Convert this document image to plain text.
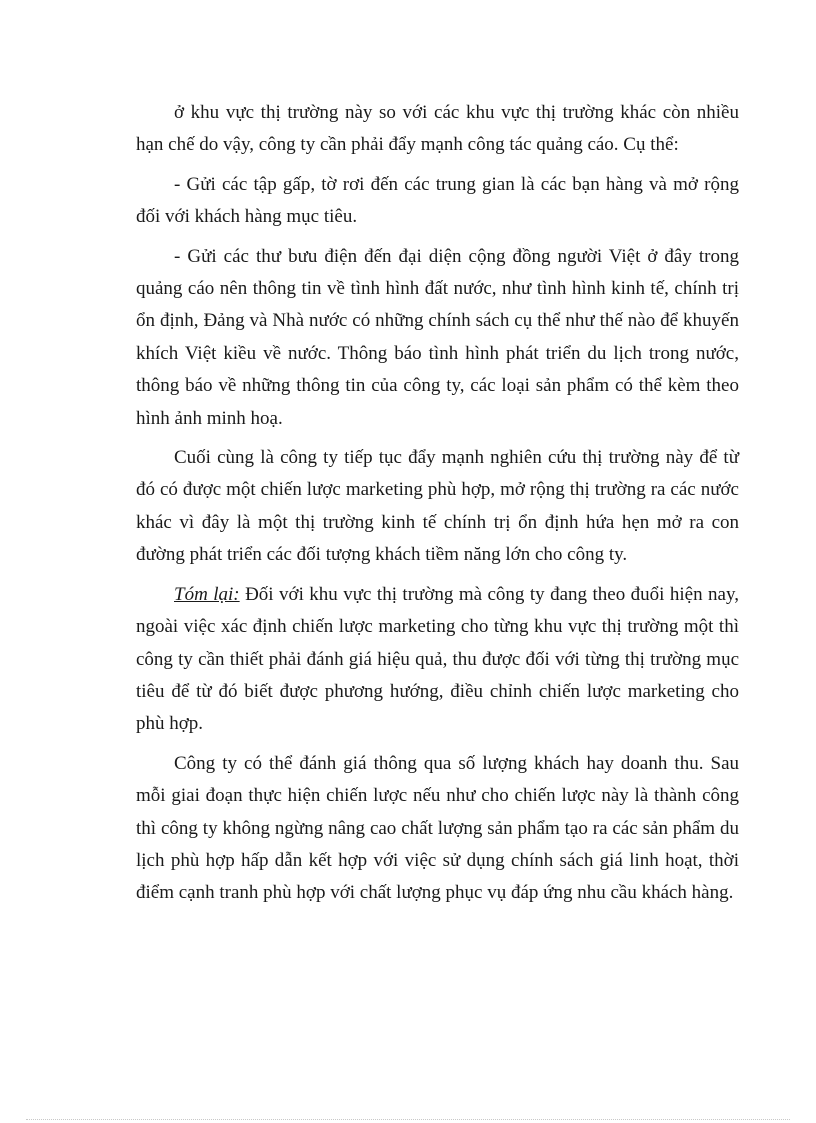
ở khu vực thị trường này so với các khu vực thị trường khác còn nhiều hạn chế do vậy, công ty cần phải đẩy mạnh công tác quảng cáo. Cụ thể:

- Gửi các tập gấp, tờ rơi đến các trung gian là các bạn hàng và mở rộng đối với khách hàng mục tiêu.

- Gửi các thư bưu điện đến đại diện cộng đồng người Việt ở đây trong quảng cáo nên thông tin về tình hình đất nước, như tình hình kinh tế, chính trị ổn định, Đảng và Nhà nước có những chính sách cụ thể như thế nào để khuyến khích Việt kiều về nước. Thông báo tình hình phát triển du lịch trong nước, thông báo về những thông tin của công ty, các loại sản phẩm có thể kèm theo hình ảnh minh hoạ.

Cuối cùng là công ty tiếp tục đẩy mạnh nghiên cứu thị trường này để từ đó có được một chiến lược marketing phù hợp, mở rộng thị trường ra các nước khác vì đây là một thị trường kinh tế chính trị ổn định hứa hẹn mở ra con đường phát triển các đối tượng khách tiềm năng lớn cho công ty.

Tóm lại: Đối với khu vực thị trường mà công ty đang theo đuổi hiện nay, ngoài việc xác định chiến lược marketing cho từng khu vực thị trường một thì công ty cần thiết phải đánh giá hiệu quả, thu được đối với từng thị trường mục tiêu để từ đó biết được phương hướng, điều chỉnh chiến lược marketing cho phù hợp.

Công ty có thể đánh giá thông qua số lượng khách hay doanh thu. Sau mỗi giai đoạn thực hiện chiến lược nếu như cho chiến lược này là thành công thì công ty không ngừng nâng cao chất lượng sản phẩm tạo ra các sản phẩm du lịch phù hợp hấp dẫn kết hợp với việc sử dụng chính sách giá linh hoạt, thời điểm cạnh tranh phù hợp với chất lượng phục vụ đáp ứng nhu cầu khách hàng.
